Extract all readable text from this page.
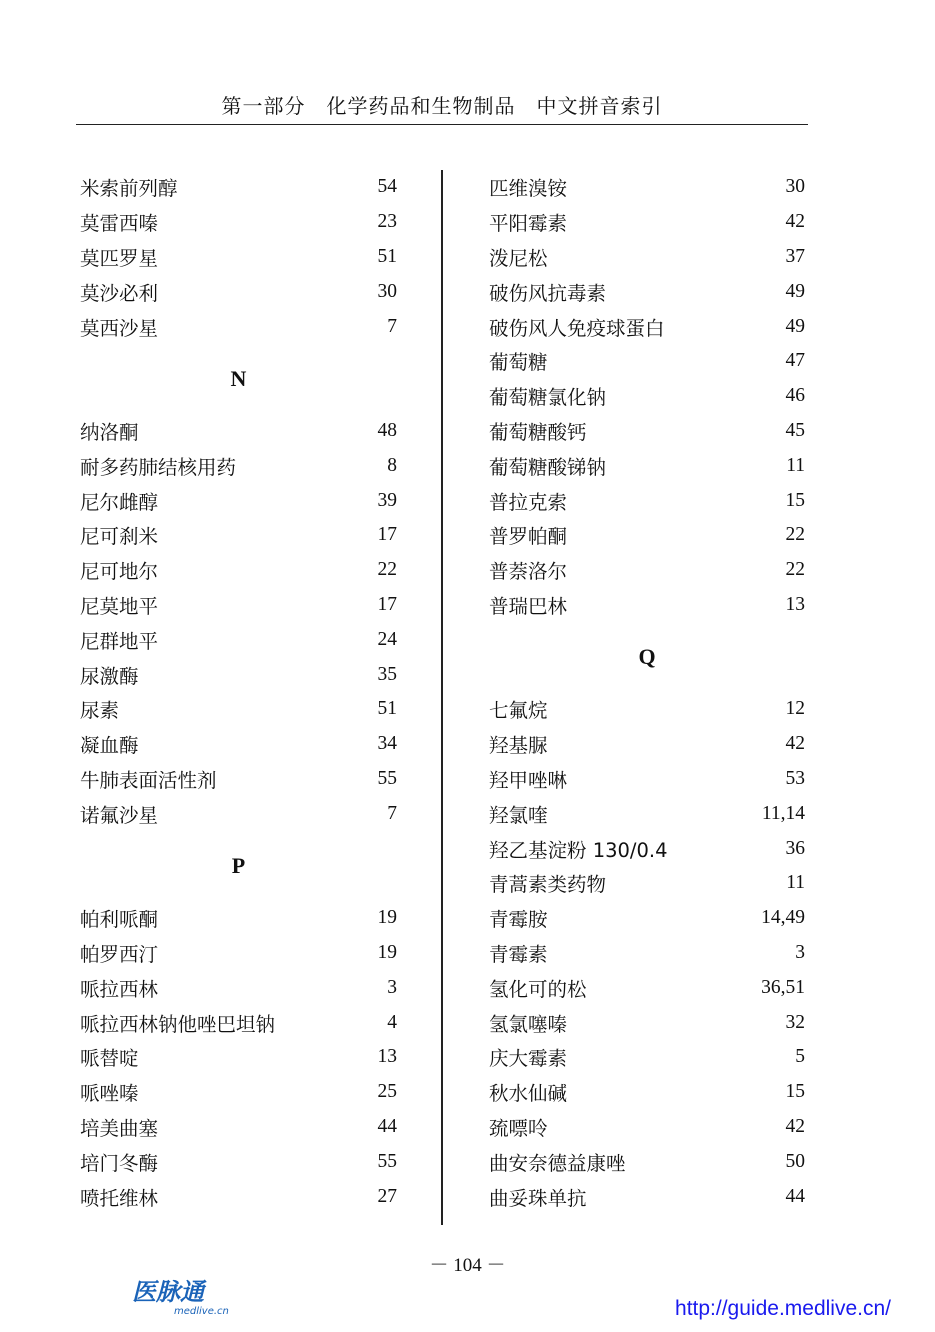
第一部分　化学药品和生物制品　中文拼音索引
米索前列醇	54
莫雷西嗪	23
莫匹罗星	51
莫沙必利	30
莫西沙星	7
N
纳洛酮	48
耐多药肺结核用药	8
尼尔雌醇	39
尼可刹米	17
尼可地尔	22
尼莫地平	17
尼群地平	24
尿激酶	35
尿素	51
凝血酶	34
牛肺表面活性剂	55
诺氟沙星	7
P
帕利哌酮	19
帕罗西汀	19
哌拉西林	3
哌拉西林钠他唑巴坦钠	4
哌替啶	13
哌唑嗪	25
培美曲塞	44
培门冬酶	55
喷托维林	27
匹维溴铵	30
平阳霉素	42
泼尼松	37
破伤风抗毒素	49
破伤风人免疫球蛋白	49
葡萄糖	47
葡萄糖氯化钠	46
葡萄糖酸钙	45
葡萄糖酸锑钠	11
普拉克索	15
普罗帕酮	22
普萘洛尔	22
普瑞巴林	13
Q
七氟烷	12
羟基脲	42
羟甲唑啉	53
羟氯喹	11,14
羟乙基淀粉 130/0.4	36
青蒿素类药物	11
青霉胺	14,49
青霉素	3
氢化可的松	36,51
氢氯噻嗪	32
庆大霉素	5
秋水仙碱	15
巯嘌呤	42
曲安奈德益康唑	50
曲妥珠单抗	44
－ 104 －
医脉通
medlive.cn	http://guide.medlive.cn/
